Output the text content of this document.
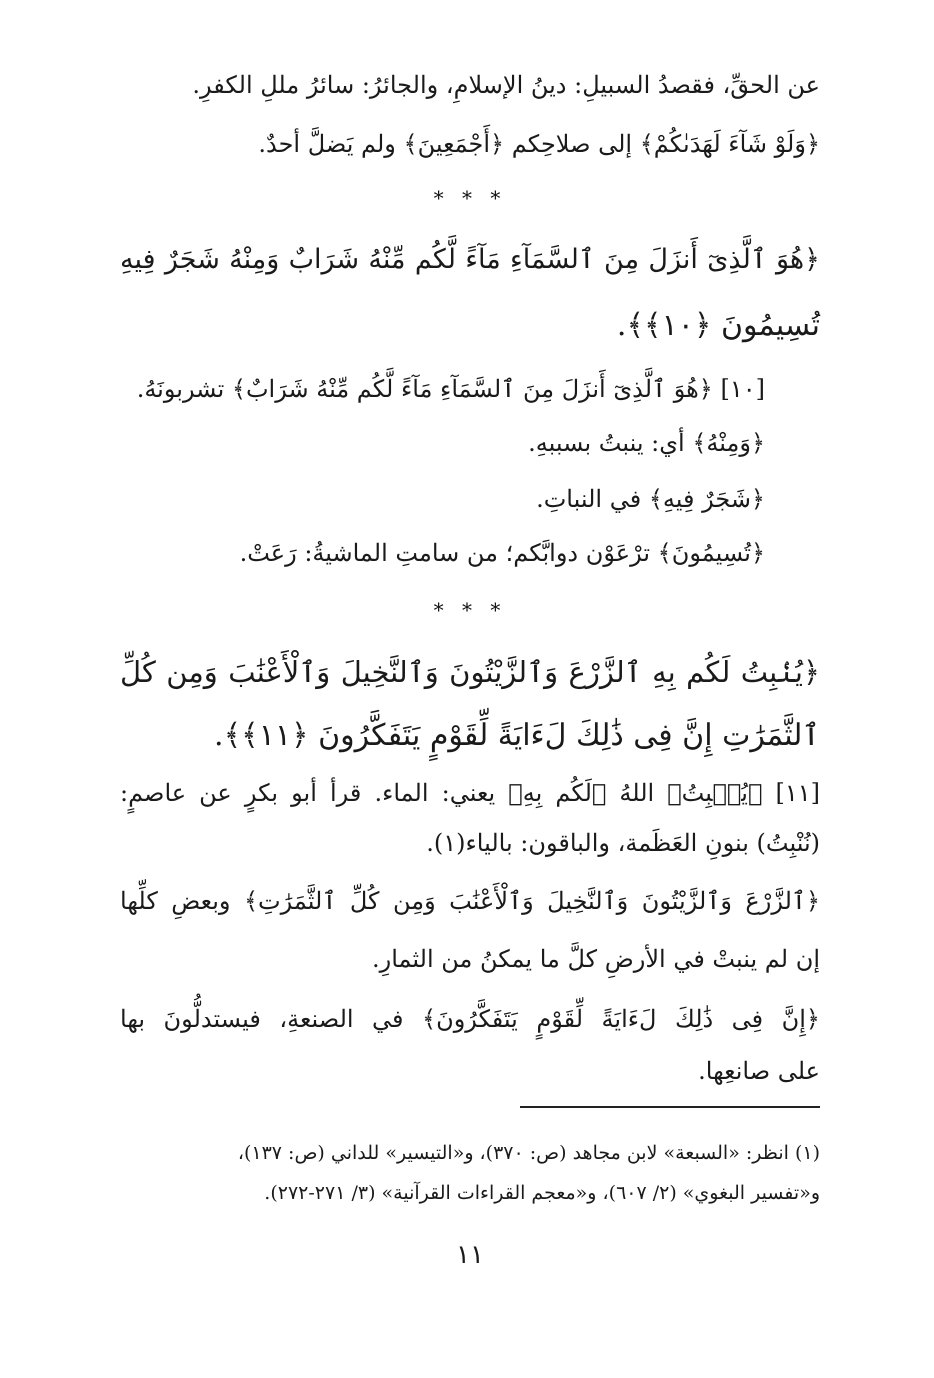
عن الحقِّ، فقصدُ السبيلِ: دينُ الإسلامِ، والجائرُ: سائرُ مللِ الكفرِ.
﴿وَلَوْ شَآءَ لَهَدَىٰكُمْ﴾ إلى صلاحِكم ﴿أَجْمَعِينَ﴾ ولم يَضلَّ أحدٌ.
* * *
﴿هُوَ ٱلَّذِىٓ أَنزَلَ مِنَ ٱلسَّمَآءِ مَآءً لَّكُم مِّنْهُ شَرَابٌ وَمِنْهُ شَجَرٌ فِيهِ
تُسِيمُونَ ﴿١٠﴾﴾.
[١٠] ﴿هُوَ ٱلَّذِىٓ أَنزَلَ مِنَ ٱلسَّمَآءِ مَآءً لَّكُم مِّنْهُ شَرَابٌ﴾ تشربونَهُ.
﴿وَمِنْهُ﴾ أي: ينبتُ بسببهِ.
﴿شَجَرٌ فِيهِ﴾ في النباتِ.
﴿تُسِيمُونَ﴾ ترْعَوْن دوابَّكم؛ من سامتِ الماشيةُ: رَعَتْ.
* * *
﴿يُنۢبِتُ لَكُم بِهِ ٱلزَّرْعَ وَٱلزَّيْتُونَ وَٱلنَّخِيلَ وَٱلْأَعْنَٰبَ وَمِن كُلِّ
ٱلثَّمَرَٰتِ إِنَّ فِى ذَٰلِكَ لَءَايَةً لِّقَوْمٍ يَتَفَكَّرُونَ ﴿١١﴾﴾.
[١١] ﴿يُنۢبِتُ﴾ اللهُ ﴿لَكُم بِهِ﴾ يعني: الماء. قرأ أبو بكرٍ عن عاصمٍ:
(نُنْبِتُ) بنونِ العَظَمة، والباقون: بالياء(١).
﴿ٱلزَّرْعَ وَٱلزَّيْتُونَ وَٱلنَّخِيلَ وَٱلْأَعْنَٰبَ وَمِن كُلِّ ٱلثَّمَرَٰتِ﴾ وبعضِ كلِّها
إن لم ينبتْ في الأرضِ كلَّ ما يمكنُ من الثمارِ.
﴿إِنَّ فِى ذَٰلِكَ لَءَايَةً لِّقَوْمٍ يَتَفَكَّرُونَ﴾ في الصنعةِ، فيستدلُّونَ بها
على صانعِها.
(١) انظر: «السبعة» لابن مجاهد (ص: ٣٧٠)، و«التيسير» للداني (ص: ١٣٧)،
و«تفسير البغوي» (٢/ ٦٠٧)، و«معجم القراءات القرآنية» (٣/ ٢٧١-٢٧٢).
١١
